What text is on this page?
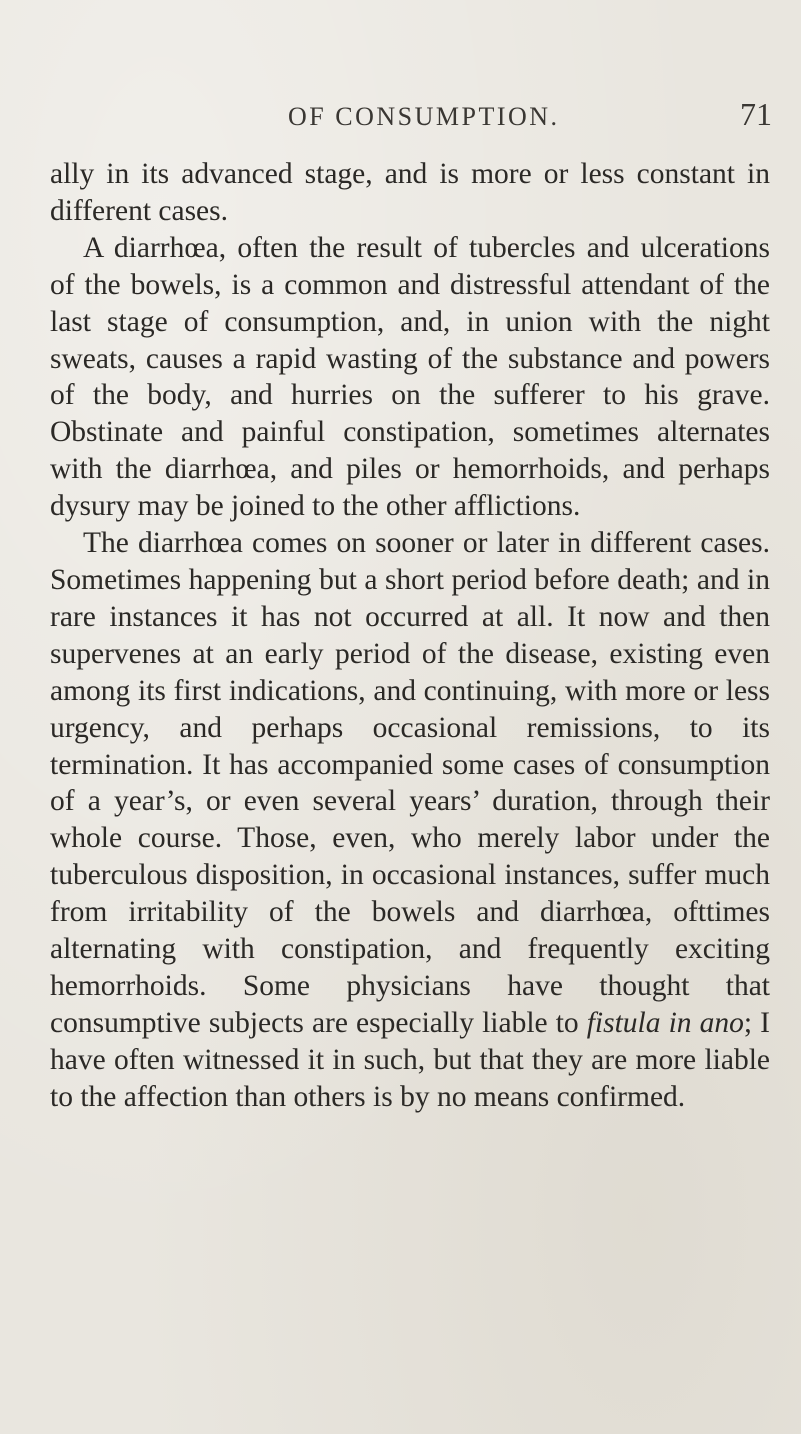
OF CONSUMPTION.	71

ally in its advanced stage, and is more or less constant in different cases.

A diarrhœa, often the result of tubercles and ulcerations of the bowels, is a common and distressful attendant of the last stage of consumption, and, in union with the night sweats, causes a rapid wasting of the substance and powers of the body, and hurries on the sufferer to his grave. Obstinate and painful constipation, sometimes alternates with the diarrhœa, and piles or hemorrhoids, and perhaps dysury may be joined to the other afflictions.

The diarrhœa comes on sooner or later in different cases. Sometimes happening but a short period before death; and in rare instances it has not occurred at all. It now and then supervenes at an early period of the disease, existing even among its first indications, and continuing, with more or less urgency, and perhaps occasional remissions, to its termination. It has accompanied some cases of consumption of a year’s, or even several years’ duration, through their whole course. Those, even, who merely labor under the tuberculous disposition, in occasional instances, suffer much from irritability of the bowels and diarrhœa, ofttimes alternating with constipation, and frequently exciting hemorrhoids. Some physicians have thought that consumptive subjects are especially liable to fistula in ano; I have often witnessed it in such, but that they are more liable to the affection than others is by no means confirmed.
